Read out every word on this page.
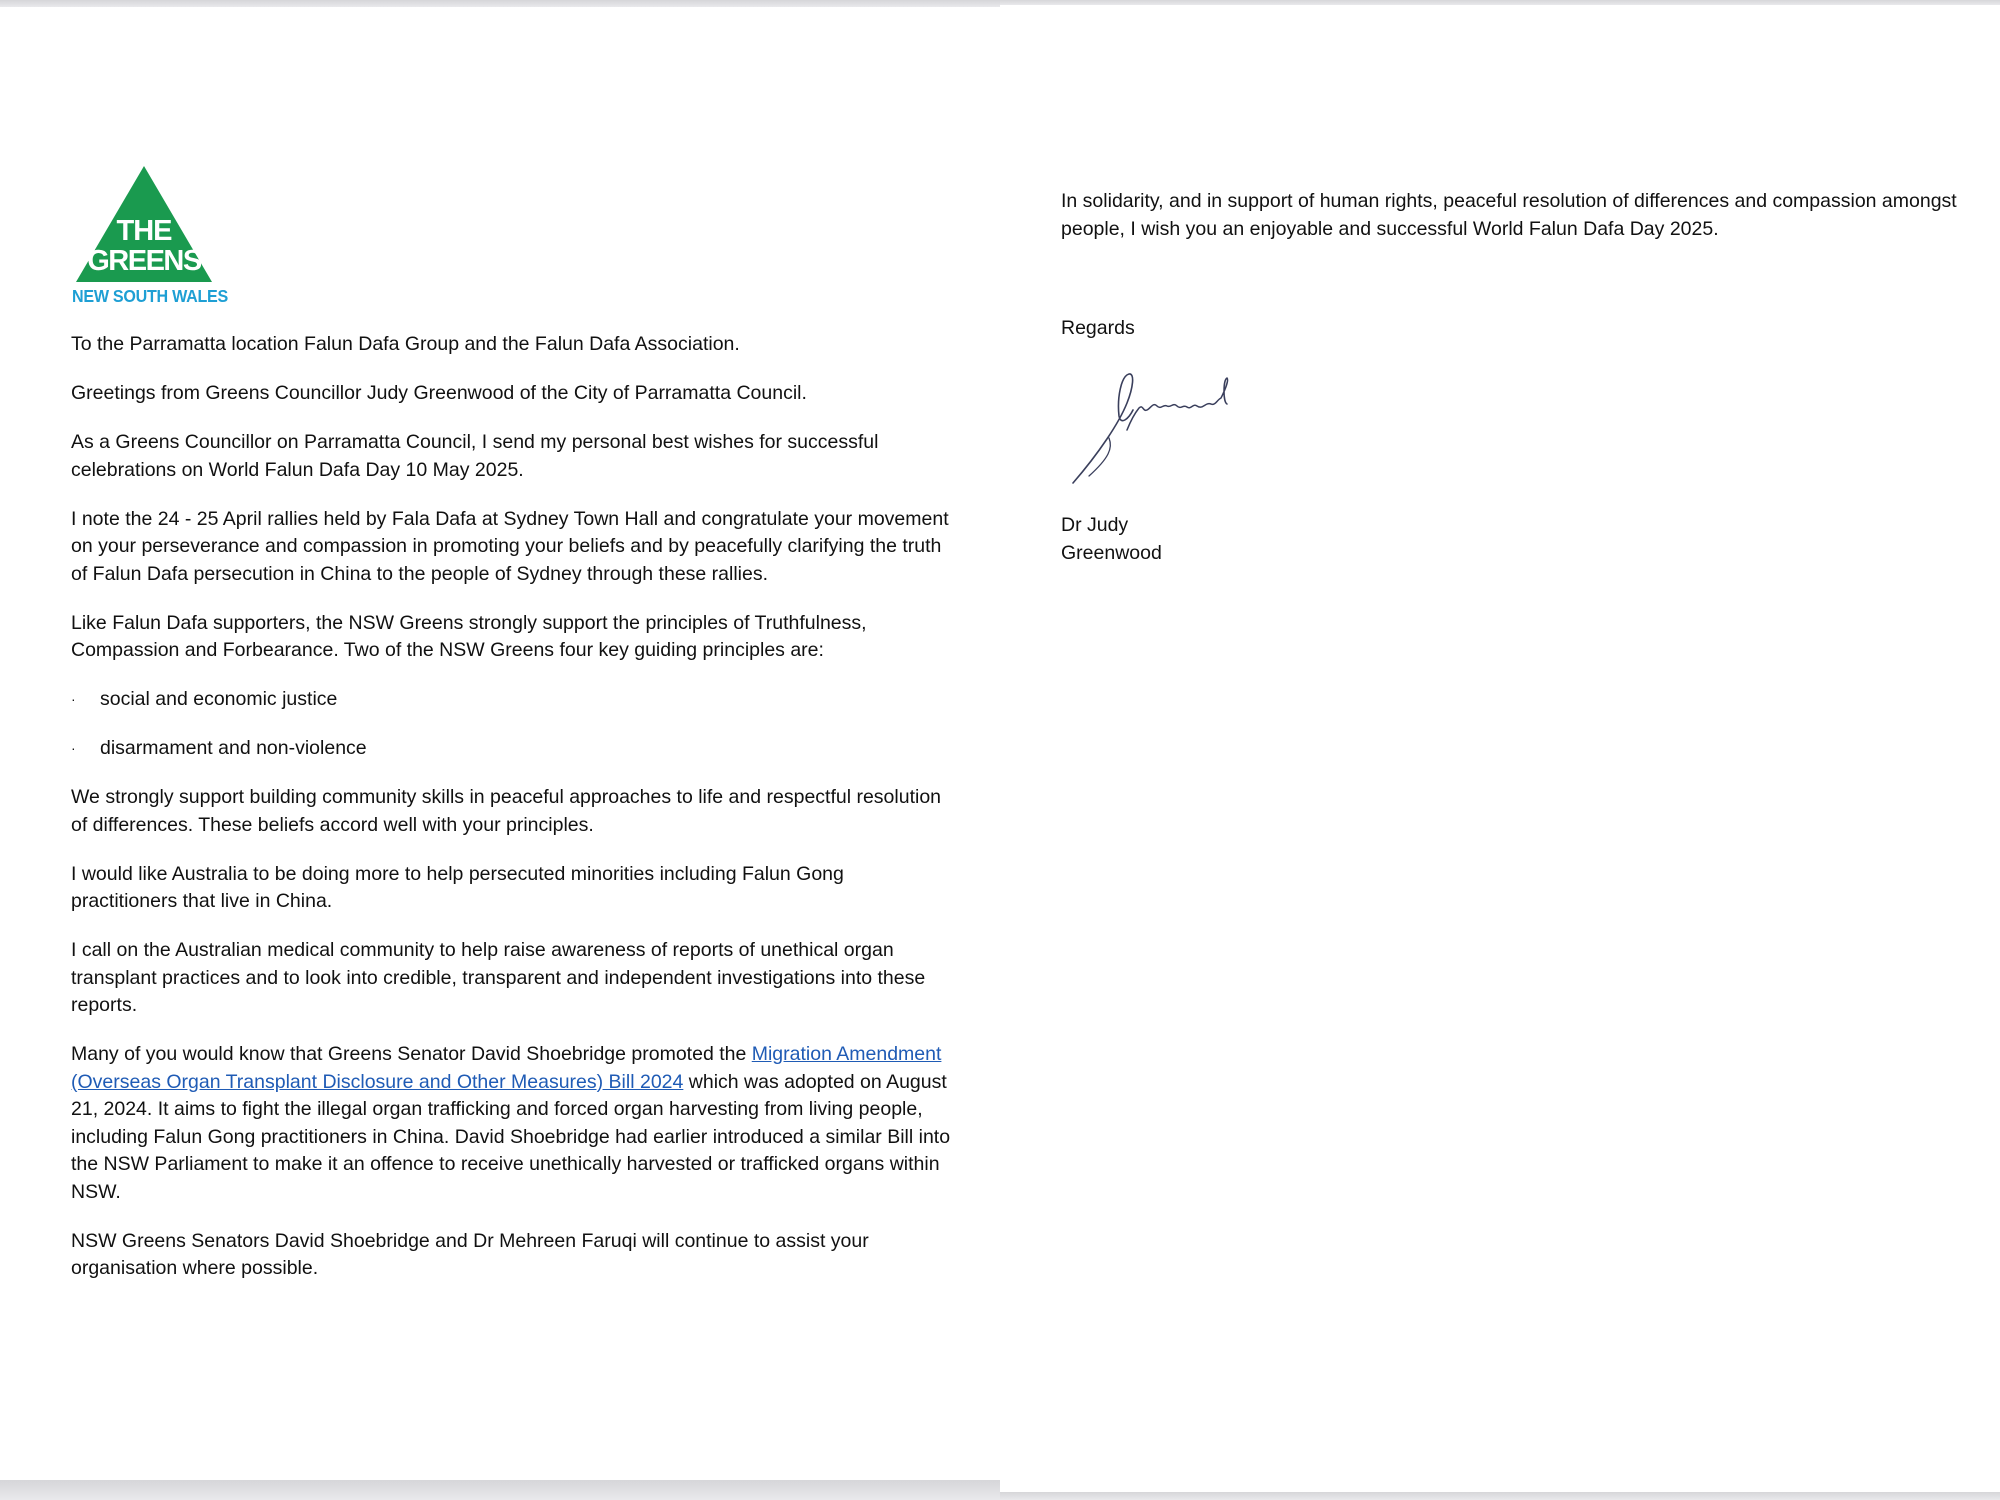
THE
GREENS
NEW SOUTH WALES

To the Parramatta location Falun Dafa Group and the Falun Dafa Association.

Greetings from Greens Councillor Judy Greenwood of the City of Parramatta Council.

As a Greens Councillor on Parramatta Council, I send my personal best wishes for successful celebrations on World Falun Dafa Day 10 May 2025.

I note the 24 - 25 April rallies held by Fala Dafa at Sydney Town Hall and congratulate your movement on your perseverance and compassion in promoting your beliefs and by peacefully clarifying the truth of Falun Dafa persecution in China to the people of Sydney through these rallies.

Like Falun Dafa supporters, the NSW Greens strongly support the principles of Truthfulness, Compassion and Forbearance. Two of the NSW Greens four key guiding principles are:

· social and economic justice
· disarmament and non-violence

We strongly support building community skills in peaceful approaches to life and respectful resolution of differences. These beliefs accord well with your principles.

I would like Australia to be doing more to help persecuted minorities including Falun Gong practitioners that live in China.

I call on the Australian medical community to help raise awareness of reports of unethical organ transplant practices and to look into credible, transparent and independent investigations into these reports.

Many of you would know that Greens Senator David Shoebridge promoted the Migration Amendment (Overseas Organ Transplant Disclosure and Other Measures) Bill 2024 which was adopted on August 21, 2024. It aims to fight the illegal organ trafficking and forced organ harvesting from living people, including Falun Gong practitioners in China. David Shoebridge had earlier introduced a similar Bill into the NSW Parliament to make it an offence to receive unethically harvested or trafficked organs within NSW.

NSW Greens Senators David Shoebridge and Dr Mehreen Faruqi will continue to assist your organisation where possible.

In solidarity, and in support of human rights, peaceful resolution of differences and compassion amongst people, I wish you an enjoyable and successful World Falun Dafa Day 2025.

Regards

Dr Judy Greenwood
